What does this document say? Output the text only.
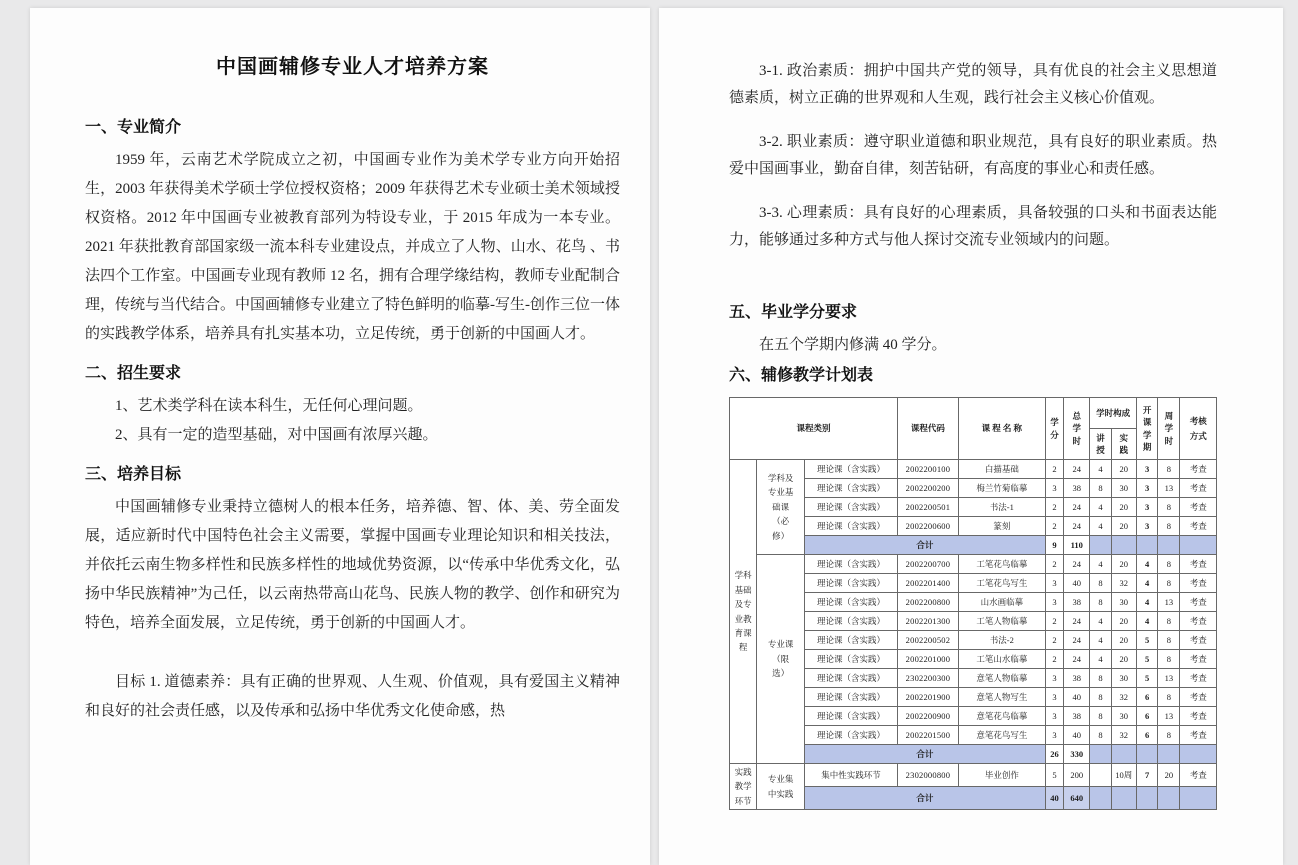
中国画辅修专业人才培养方案
一、专业简介

1959 年，云南艺术学院成立之初，中国画专业作为美术学专业方向开始招生，2003 年获得美术学硕士学位授权资格；2009 年获得艺术专业硕士美术领域授权资格。2012 年中国画专业被教育部列为特设专业，于 2015 年成为一本专业。2021 年获批教育部国家级一流本科专业建设点，并成立了人物、山水、花鸟 、书法四个工作室。中国画专业现有教师 12 名，拥有合理学缘结构，教师专业配制合理，传统与当代结合。中国画辅修专业建立了特色鲜明的临摹-写生-创作三位一体的实践教学体系，培养具有扎实基本功，立足传统，勇于创新的中国画人才。

二、招生要求

1、艺术类学科在读本科生，无任何心理问题。

2、具有一定的造型基础，对中国画有浓厚兴趣。

三、培养目标

中国画辅修专业秉持立德树人的根本任务，培养德、智、体、美、劳全面发展，适应新时代中国特色社会主义需要，掌握中国画专业理论知识和相关技法，并依托云南生物多样性和民族多样性的地域优势资源，以“传承中华优秀文化，弘扬中华民族精神”为己任，以云南热带高山花鸟、民族人物的教学、创作和研究为特色，培养全面发展，立足传统，勇于创新的中国画人才。

目标 1. 道德素养：具有正确的世界观、人生观、价值观，具有爱国主义精神和良好的社会责任感，以及传承和弘扬中华优秀文化使命感，热

3-1. 政治素质：拥护中国共产党的领导，具有优良的社会主义思想道德素质，树立正确的世界观和人生观，践行社会主义核心价值观。

3-2. 职业素质：遵守职业道德和职业规范，具有良好的职业素质。热爱中国画事业，勤奋自律，刻苦钻研，有高度的事业心和责任感。

3-3. 心理素质：具有良好的心理素质，具备较强的口头和书面表达能力，能够通过多种方式与他人探讨交流专业领域内的问题。

五、毕业学分要求

在五个学期内修满 40 学分。

六、辅修教学计划表
课程类别			课程代码	课 程 名 称	学分	总学时	学时构成		开课学期	周学时	考核方式
							讲授	实践			
学科基础及专业教育课程	学科及专业基础课（必修）	理论课（含实践）	2002200100	白描基础	2	24	4	20	3	8	考查
		理论课（含实践）	2002200200	梅兰竹菊临摹	3	38	8	30	3	13	考查
		理论课（含实践）	2002200501	书法-1	2	24	4	20	3	8	考查
		理论课（含实践）	2002200600	篆刻	2	24	4	20	3	8	考查
		合计			9	110					
	专业课（限选）	理论课（含实践）	2002200700	工笔花鸟临摹	2	24	4	20	4	8	考查
		理论课（含实践）	2002201400	工笔花鸟写生	3	40	8	32	4	8	考查
		理论课（含实践）	2002200800	山水画临摹	3	38	8	30	4	13	考查
		理论课（含实践）	2002201300	工笔人物临摹	2	24	4	20	4	8	考查
		理论课（含实践）	2002200502	书法-2	2	24	4	20	5	8	考查
		理论课（含实践）	2002201000	工笔山水临摹	2	24	4	20	5	8	考查
		理论课（含实践）	2302200300	意笔人物临摹	3	38	8	30	5	13	考查
		理论课（含实践）	2002201900	意笔人物写生	3	40	8	32	6	8	考查
		理论课（含实践）	2002200900	意笔花鸟临摹	3	38	8	30	6	13	考查
		理论课（含实践）	2002201500	意笔花鸟写生	3	40	8	32	6	8	考查
		合计			26	330					
实践教学环节	专业集中实践	集中性实践环节	2302000800	毕业创作	5	200		10周	7	20	考查
		合计			40	640					
